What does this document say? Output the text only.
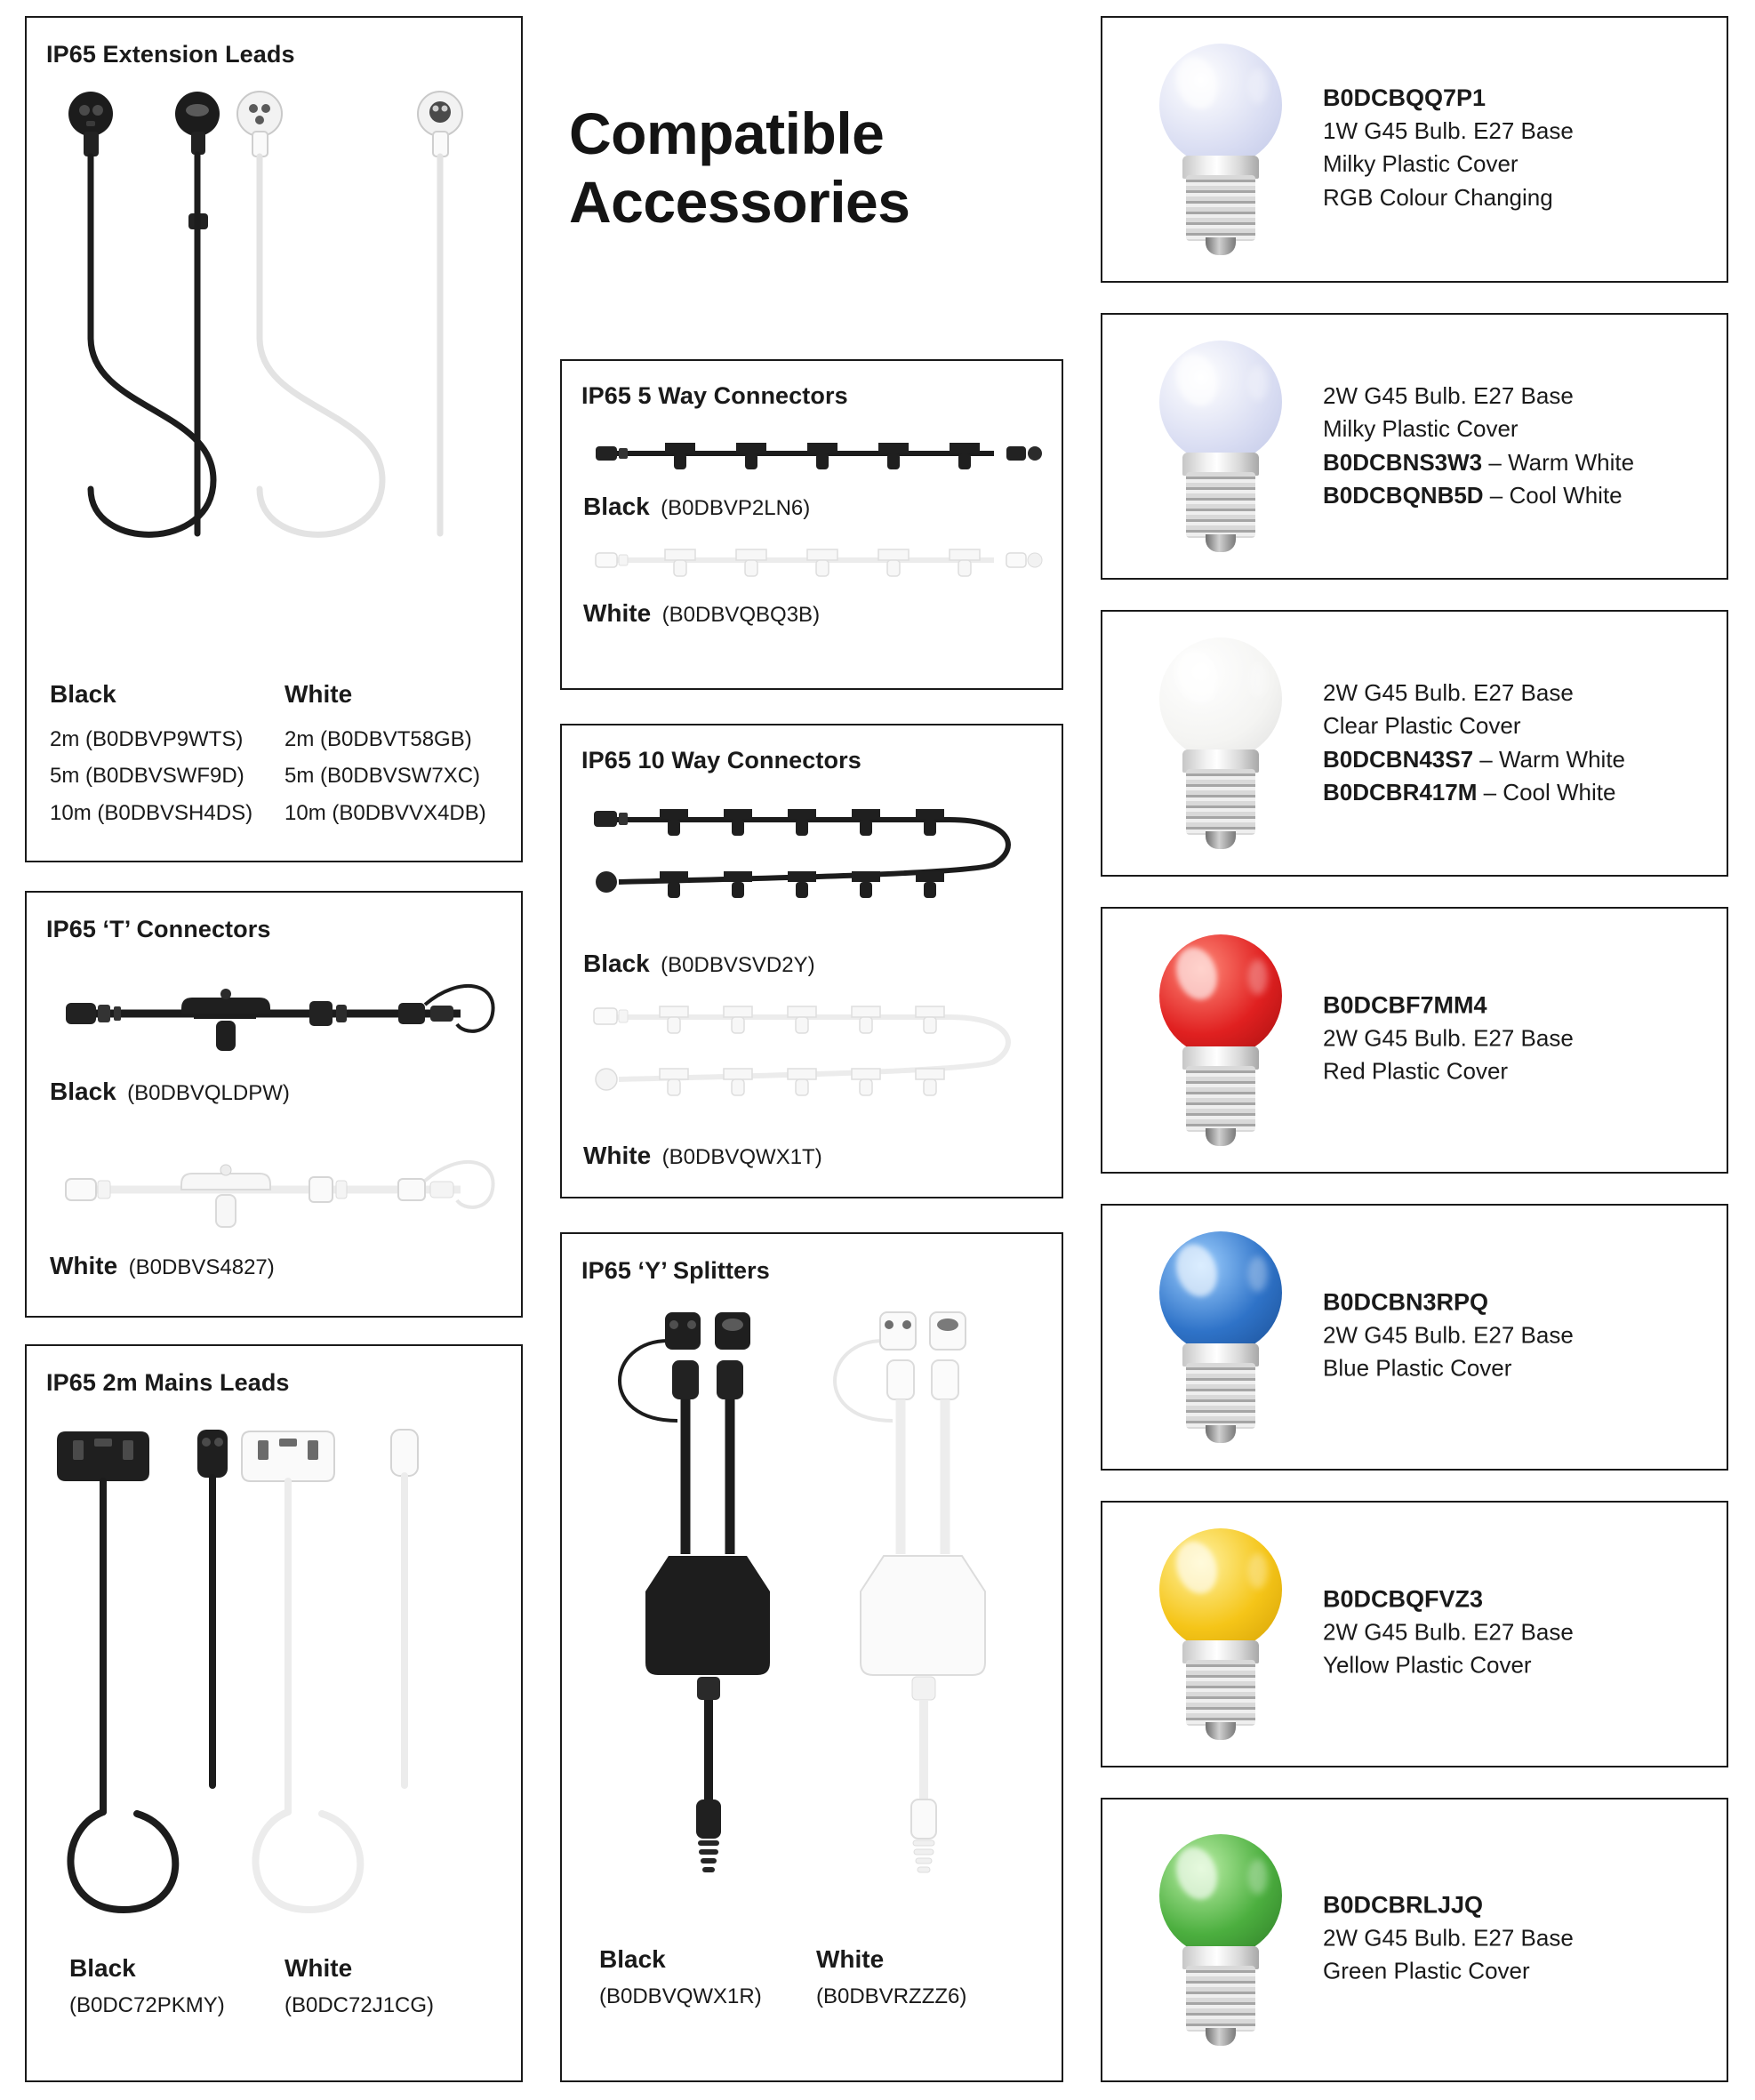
Compatible
Accessories
IP65 Extension Leads
Black
2m (B0DBVP9WTS)
5m (B0DBVSWF9D)
10m (B0DBVSH4DS)
White
2m (B0DBVT58GB)
5m (B0DBVSW7XC)
10m (B0DBVVX4DB)
IP65 ‘T’ Connectors
Black (B0DBVQLDPW)
White (B0DBVS4827)
IP65 2m Mains Leads
Black
(B0DC72PKMY)
White
(B0DC72J1CG)
IP65 5 Way Connectors
Black (B0DBVP2LN6)
White (B0DBVQBQ3B)
IP65 10 Way Connectors
Black (B0DBVSVD2Y)
White (B0DBVQWX1T)
IP65 ‘Y’ Splitters
Black
(B0DBVQWX1R)
White
(B0DBVRZZZ6)
B0DCBQQ7P1
1W G45 Bulb. E27 Base
Milky Plastic Cover
RGB Colour Changing
2W G45 Bulb. E27 Base
Milky Plastic Cover
B0DCBNS3W3 – Warm White
B0DCBQNB5D – Cool White
2W G45 Bulb. E27 Base
Clear Plastic Cover
B0DCBN43S7 – Warm White
B0DCBR417M – Cool White
B0DCBF7MM4
2W G45 Bulb. E27 Base
Red Plastic Cover
B0DCBN3RPQ
2W G45 Bulb. E27 Base
Blue Plastic Cover
B0DCBQFVZ3
2W G45 Bulb. E27 Base
Yellow Plastic Cover
B0DCBRLJJQ
2W G45 Bulb. E27 Base
Green Plastic Cover
